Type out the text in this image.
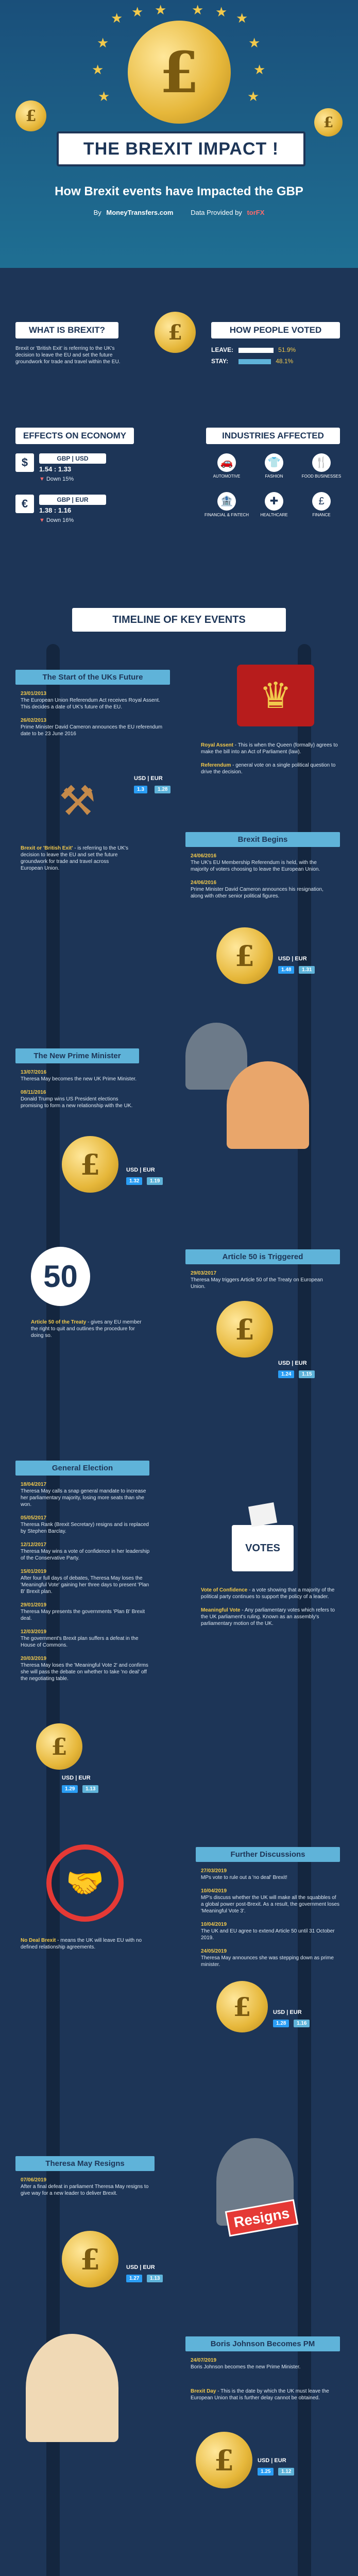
★ ★ ★ ★ ★ ★
★	★
★	★
★	★
£
£	£
THE BREXIT IMPACT !
How Brexit events have Impacted the GBP
By MoneyTransfers.com	Data Provided by torFX
WHAT IS BREXIT?
Brexit or 'British Exit' is referring to the UK's decision to leave the EU and set the future groundwork for trade and travel within the EU.
£	HOW PEOPLE VOTED
LEAVE:	51.9%
STAY:	48.1%
EFFECTS ON ECONOMY
$	GBP | USD
1.54 : 1.33
▼ Down 15%
€	GBP | EUR
1.38 : 1.16
▼ Down 16%
INDUSTRIES AFFECTED
🚗
AUTOMOTIVE
👕
FASHION
🍴
FOOD BUSINESSES
🏦
FINANCIAL & FINTECH
✚
HEALTHCARE
£
FINANCE
TIMELINE OF KEY EVENTS
The Start of the UKs Future
23/01/2013
The European Union Referendum Act receives Royal Assent. This decides a date of UK's future of the EU.

26/02/2013
Prime Minister David Cameron announces the EU referendum date to be 23 June 2016
Royal Assent - This is when the Queen (formally) agrees to make the bill into an Act of Parliament (law).

Referendum - general vote on a single political question to drive the decision.
♛
⚒	USD | EUR
1.3	1.28
Brexit or 'British Exit' - is referring to the UK's decision to leave the EU and set the future groundwork for trade and travel across European Union.
Brexit Begins
24/06/2016
The UK's EU Membership Referendum is held, with the majority of voters choosing to leave the European Union.

24/06/2016
Prime Minister David Cameron announces his resignation, along with other senior political figures.
£	USD | EUR
1.48	1.31
The New Prime Minister
13/07/2016
Theresa May becomes the new UK Prime Minister.

08/11/2016
Donald Trump wins US President elections promising to form a new relationship with the UK.
£	USD | EUR
1.32	1.19
Article 50 is Triggered
29/03/2017
Theresa May triggers Article 50 of the Treaty on European Union.
50
Article 50 of the Treaty - gives any EU member the right to quit and outlines the procedure for doing so.	£
USD | EUR
1.24	1.15
General Election
18/04/2017
Theresa May calls a snap general mandate to increase her parliamentary majority, losing more seats than she won.

05/05/2017
Theresa Rank (Brexit Secretary) resigns and is replaced by Stephen Barclay.

12/12/2017
Theresa May wins a vote of confidence in her leadership of the Conservative Party.

15/01/2019
After four full days of debates, Theresa May loses the 'Meaningful Vote' gaining her three days to present 'Plan B' Brexit plan.

29/01/2019
Theresa May presents the governments 'Plan B' Brexit deal.

12/03/2019
The government's Brexit plan suffers a defeat in the House of Commons.

20/03/2019
Theresa May loses the 'Meaningful Vote 2' and confirms she will pass the debate on whether to take 'no deal' off the negotiating table.
VOTES
Vote of Confidence - a vote showing that a majority of the political party continues to support the policy of a leader.

Meaningful Vote - Any parliamentary votes which refers to the UK parliament's ruling. Known as an assembly's parliamentary motion of the UK.
£
USD | EUR
1.29	1.13
Further Discussions
27/03/2019
MPs vote to rule out a 'no deal' Brexit!

10/04/2019
MP's discuss whether the UK will make all the squabbles of a global power post-Brexit. As a result, the government loses 'Meaningful Vote 3'.

10/04/2019
The UK and EU agree to extend Article 50 until 31 October 2019.

24/05/2019
Theresa May announces she was stepping down as prime minister.
🤝
No Deal Brexit - means the UK will leave EU with no defined relationship agreements.
£	USD | EUR
1.28	1.16
Theresa May Resigns
07/06/2019
After a final defeat in parliament Theresa May resigns to give way for a new leader to deliver Brexit.
Resigns
£	USD | EUR
1.27	1.13
Boris Johnson Becomes PM
24/07/2019
Boris Johnson becomes the new Prime Minister.
Brexit Day - This is the date by which the UK must leave the European Union that is further delay cannot be obtained.
£	USD | EUR
1.25	1.12
